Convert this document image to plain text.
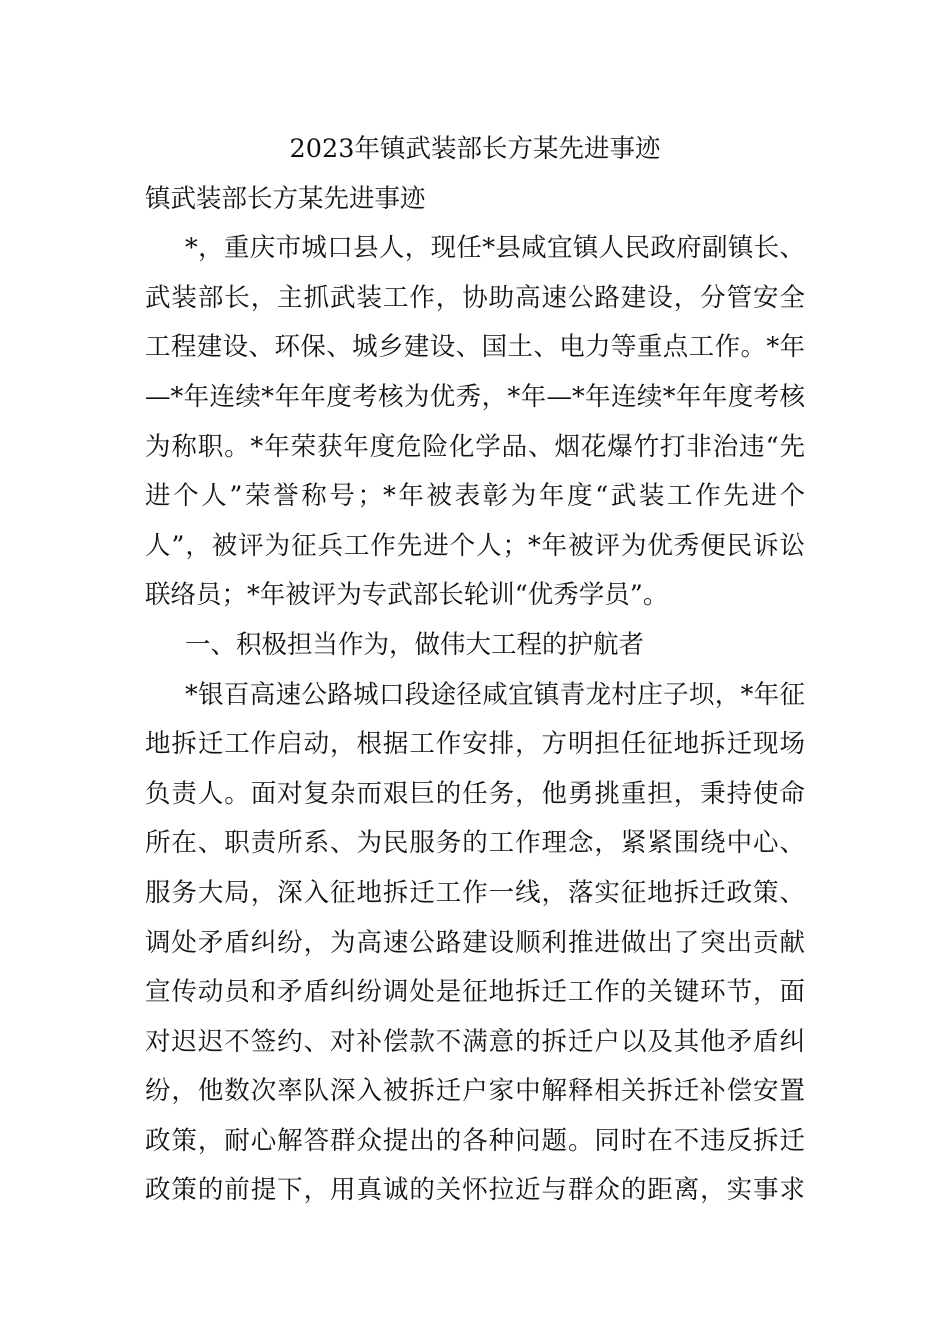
2023年镇武装部长方某先进事迹
镇武装部长方某先进事迹
*，重庆市城口县人，现任*县咸宜镇人民政府副镇长、
武装部长，主抓武装工作，协助高速公路建设，分管安全
工程建设、环保、城乡建设、国土、电力等重点工作。*年
—*年连续*年年度考核为优秀，*年—*年连续*年年度考核
为称职。*年荣获年度危险化学品、烟花爆竹打非治违“先
进个人”荣誉称号；*年被表彰为年度“武装工作先进个
人”，被评为征兵工作先进个人；*年被评为优秀便民诉讼
联络员；*年被评为专武部长轮训“优秀学员”。
一、积极担当作为，做伟大工程的护航者
*银百高速公路城口段途径咸宜镇青龙村庄子坝，*年征
地拆迁工作启动，根据工作安排，方明担任征地拆迁现场
负责人。面对复杂而艰巨的任务，他勇挑重担，秉持使命
所在、职责所系、为民服务的工作理念，紧紧围绕中心、
服务大局，深入征地拆迁工作一线，落实征地拆迁政策、
调处矛盾纠纷，为高速公路建设顺利推进做出了突出贡献
宣传动员和矛盾纠纷调处是征地拆迁工作的关键环节，面
对迟迟不签约、对补偿款不满意的拆迁户以及其他矛盾纠
纷，他数次率队深入被拆迁户家中解释相关拆迁补偿安置
政策，耐心解答群众提出的各种问题。同时在不违反拆迁
政策的前提下，用真诚的关怀拉近与群众的距离，实事求
